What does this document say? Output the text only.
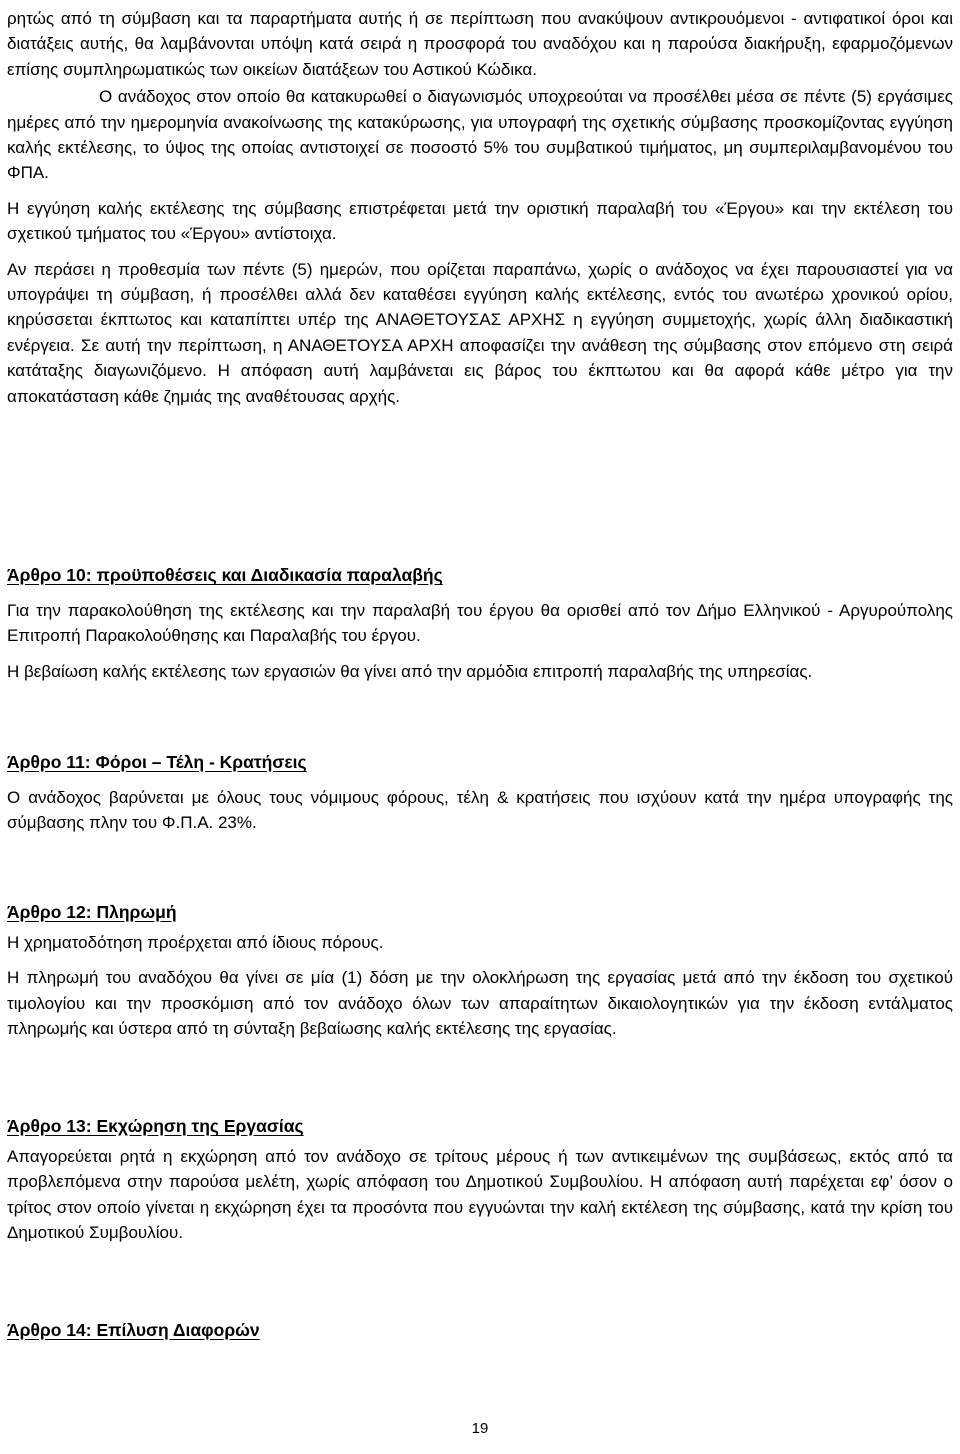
ρητώς από τη σύμβαση και τα παραρτήματα αυτής ή σε περίπτωση που ανακύψουν αντικρουόμενοι - αντιφατικοί όροι και διατάξεις αυτής, θα λαμβάνονται υπόψη κατά σειρά η προσφορά του αναδόχου και η παρούσα διακήρυξη, εφαρμοζόμενων επίσης συμπληρωματικώς των οικείων διατάξεων του Αστικού Κώδικα.

Ο ανάδοχος στον οποίο θα κατακυρωθεί ο διαγωνισμός υποχρεούται να προσέλθει μέσα σε πέντε (5) εργάσιμες ημέρες από την ημερομηνία ανακοίνωσης της κατακύρωσης, για υπογραφή της σχετικής σύμβασης προσκομίζοντας εγγύηση καλής εκτέλεσης, το ύψος της οποίας αντιστοιχεί σε ποσοστό 5% του συμβατικού τιμήματος, μη συμπεριλαμβανομένου του ΦΠΑ.

Η εγγύηση καλής εκτέλεσης της σύμβασης επιστρέφεται μετά την οριστική παραλαβή του «Έργου» και την εκτέλεση του σχετικού τμήματος του «Έργου» αντίστοιχα.

Αν περάσει η προθεσμία των πέντε (5) ημερών, που ορίζεται παραπάνω, χωρίς ο ανάδοχος να έχει παρουσιαστεί για να υπογράψει τη σύμβαση, ή προσέλθει αλλά δεν καταθέσει εγγύηση καλής εκτέλεσης, εντός του ανωτέρω χρονικού ορίου, κηρύσσεται έκπτωτος και καταπίπτει υπέρ της ΑΝΑΘΕΤΟΥΣΑΣ ΑΡΧΗΣ η εγγύηση συμμετοχής, χωρίς άλλη διαδικαστική ενέργεια. Σε αυτή την περίπτωση, η ΑΝΑΘΕΤΟΥΣΑ ΑΡΧΗ αποφασίζει την ανάθεση της σύμβασης στον επόμενο στη σειρά κατάταξης διαγωνιζόμενο. Η απόφαση αυτή λαμβάνεται εις βάρος του έκπτωτου και θα αφορά κάθε μέτρο για την αποκατάσταση κάθε ζημιάς της αναθέτουσας αρχής.

Άρθρο 10: προϋποθέσεις και Διαδικασία παραλαβής

Για την παρακολούθηση της εκτέλεσης και την παραλαβή του έργου θα ορισθεί από τον Δήμο Ελληνικού - Αργυρούπολης Επιτροπή Παρακολούθησης και Παραλαβής του έργου.

Η βεβαίωση καλής εκτέλεσης των εργασιών θα γίνει από την αρμόδια επιτροπή παραλαβής της υπηρεσίας.

Άρθρο 11: Φόροι – Τέλη - Κρατήσεις

Ο ανάδοχος βαρύνεται με όλους τους νόμιμους φόρους, τέλη & κρατήσεις που ισχύουν κατά την ημέρα υπογραφής της σύμβασης πλην του Φ.Π.Α. 23%.

Άρθρο 12: Πληρωμή

Η χρηματοδότηση προέρχεται από ίδιους πόρους.

Η πληρωμή του αναδόχου θα γίνει σε μία (1) δόση με την ολοκλήρωση της εργασίας μετά από την έκδοση του σχετικού τιμολογίου και την προσκόμιση από τον ανάδοχο όλων των απαραίτητων δικαιολογητικών για την έκδοση εντάλματος πληρωμής και ύστερα από τη σύνταξη βεβαίωσης καλής εκτέλεσης της εργασίας.

Άρθρο 13: Εκχώρηση της Εργασίας

Απαγορεύεται ρητά η εκχώρηση από τον ανάδοχο σε τρίτους μέρους ή των αντικειμένων της συμβάσεως, εκτός από τα προβλεπόμενα στην παρούσα μελέτη, χωρίς απόφαση του Δημοτικού Συμβουλίου. Η απόφαση αυτή παρέχεται εφ’ όσον ο τρίτος στον οποίο γίνεται η εκχώρηση έχει τα προσόντα που εγγυώνται την καλή εκτέλεση της σύμβασης, κατά την κρίση του Δημοτικού Συμβουλίου.

Άρθρο 14: Επίλυση Διαφορών
19
